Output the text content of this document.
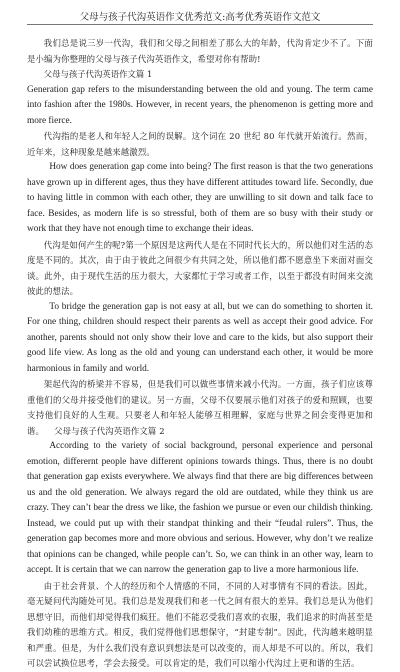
父母与孩子代沟英语作文优秀范文:高考优秀英语作文范文

我们总是说三岁一代沟，我们和父母之间相差了那么大的年龄，代沟肯定少不了。下面是小编为你整理的父母与孩子代沟英语作文，希望对你有帮助!

父母与孩子代沟英语作文篇 1

Generation gap refers to the misunderstanding between the old and young. The term came into fashion after the 1980s. However, in recent years, the phenomenon is getting more and more fierce.

代沟指的是老人和年轻人之间的误解。这个词在 20 世纪 80 年代就开始流行。然而，近年来，这种现象是越来越激烈。

How does generation gap come into being? The first reason is that the two generations have grown up in different ages, thus they have different attitudes toward life. Secondly, due to having little in common with each other, they are unwilling to sit down and talk face to face. Besides, as modern life is so stressful, both of them are so busy with their study or work that they have not enough time to exchange their ideas.

代沟是如何产生的呢?第一个原因是这两代人是在不同时代长大的，所以他们对生活的态度是不同的。其次，由于由于彼此之间很少有共同之处，所以他们都不愿意坐下来面对面交谈。此外，由于现代生活的压力很大，大家都忙于学习或者工作，以至于都没有时间来交流彼此的想法。

To bridge the generation gap is not easy at all, but we can do something to shorten it. For one thing, children should respect their parents as well as accept their good advice. For another, parents should not only show their love and care to the kids, but also support their good life view. As long as the old and young can understand each other, it would be more harmonious in family and world.

架起代沟的桥梁并不容易，但是我们可以做些事情来减小代沟。一方面，孩子们应该尊重他们的父母并接受他们的建议。另一方面，父母不仅要展示他们对孩子的爱和照顾，也要支持他们良好的人生观。只要老人和年轻人能够互相理解，家庭与世界之间会变得更加和谐。 父母与孩子代沟英语作文篇 2

According to the variety of social background, personal experience and personal emotion, differernt people have different opinions towards things. Thus, there is no doubt that generation gap exists everywhere. We always find that there are big differences between us and the old generation. We always regard the old are outdated, while they think us are crazy. They can’t bear the dress we like, the fashion we pursue or even our childish thinking. Instead, we could put up with their standpat thinking and their “feudal rulers”. Thus, the generation gap becomes more and more obvious and serious. However, why don’t we realize that opinions can be changed, while people can’t. So, we can think in an other way, learn to accept. It is certain that we can narrow the generation gap to live a more harmonious life.

由于社会背景、个人的经历和个人情感的不同，不同的人对事情有不同的看法。因此，毫无疑问代沟随处可见。我们总是发现我们和老一代之间有很大的差异。我们总是认为他们思想守旧，而他们却觉得我们疯狂。他们不能忍受我们喜欢的衣服，我们追求的时尚甚至是我们幼稚的思维方式。相反，我们觉得他们思想保守，“封建专制”。因此，代沟越来越明显和严重。但是，为什么我们没有意识到想法是可以改变的，而人却是不可以的。所以，我们可以尝试换位思考，学会去接受。可以肯定的是，我们可以缩小代沟过上更和谐的生活。
